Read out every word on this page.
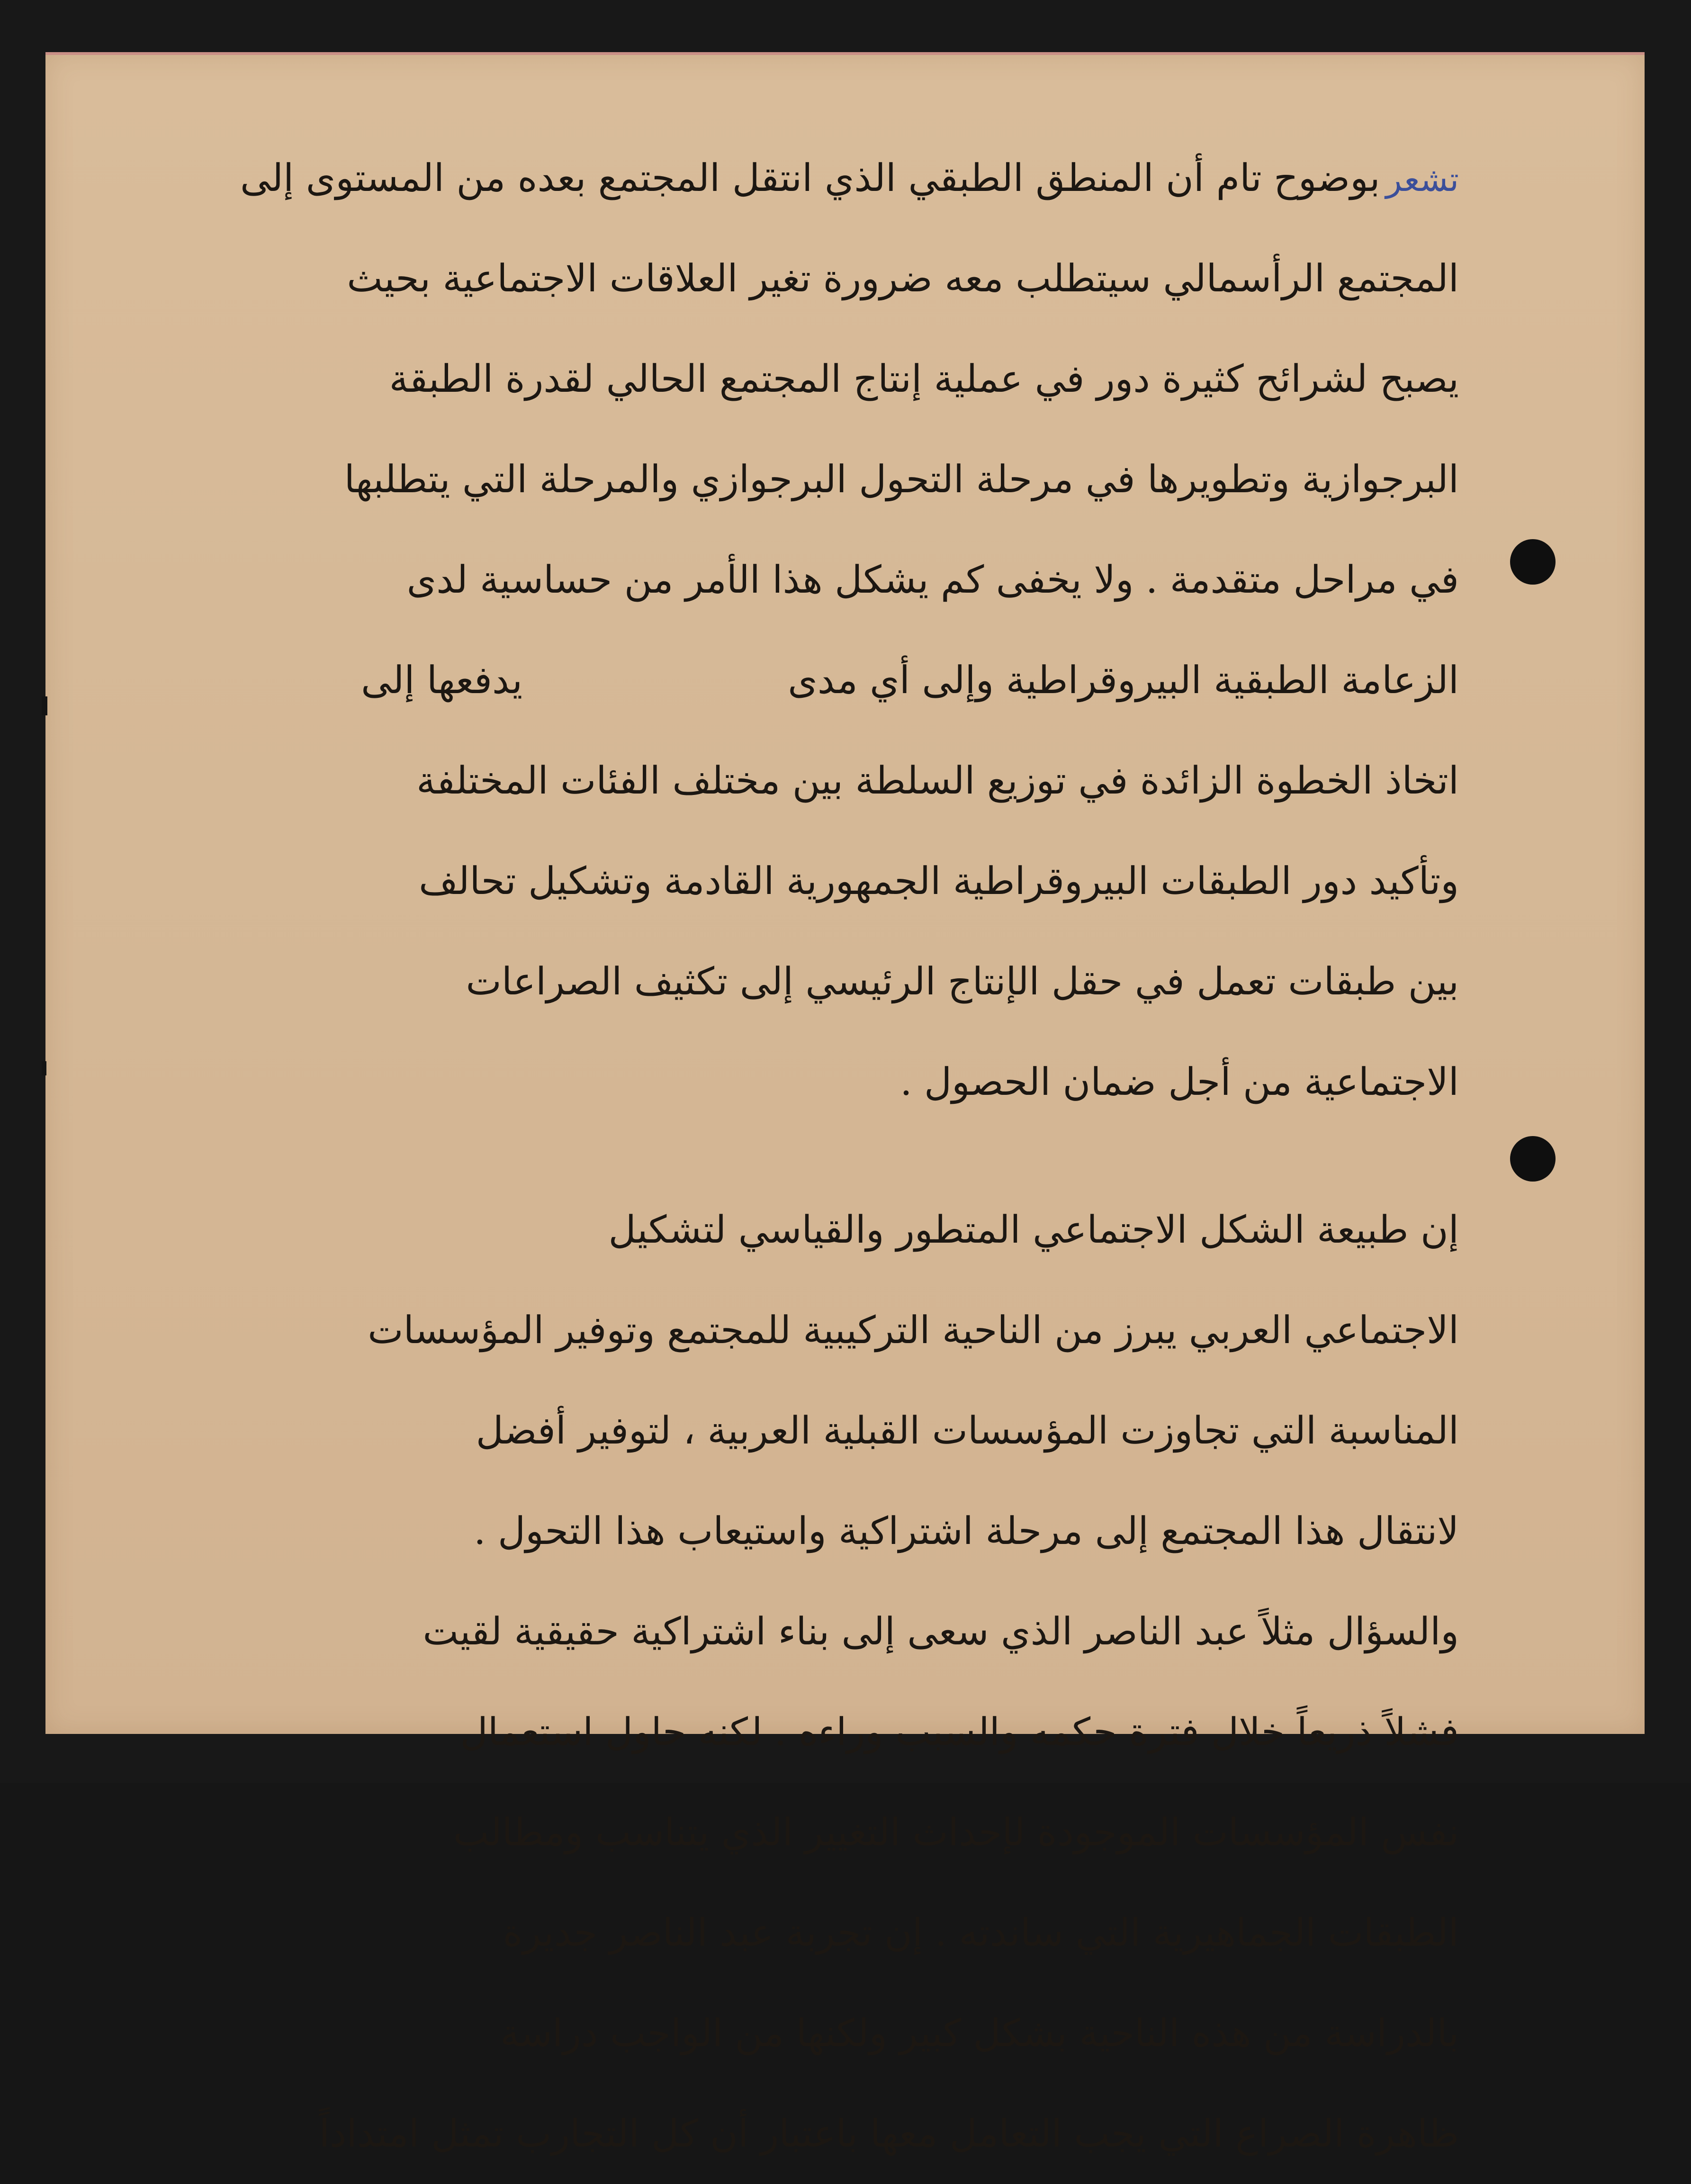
تشعربوضوح تام أن المنطق الطبقي الذي انتقل المجتمع بعده من المستوى إلى
المجتمع الرأسمالي سيتطلب معه ضرورة تغير العلاقات الاجتماعية بحيث
يصبح لشرائح كثيرة دور في عملية إنتاج المجتمع الحالي لقدرة الطبقة
البرجوازية وتطويرها في مرحلة التحول البرجوازي والمرحلة التي يتطلبها
في مراحل متقدمة . ولا يخفى كم يشكل هذا الأمر من حساسية لدى
الزعامة الطبقية البيروقراطية وإلى أي مدىيدفعها إلى
اتخاذ الخطوة الزائدة في توزيع السلطة بين مختلف الفئات المختلفة
وتأكيد دور الطبقات البيروقراطية الجمهورية القادمة وتشكيل تحالف
بين طبقات تعمل في حقل الإنتاج الرئيسي إلى تكثيف الصراعات
الاجتماعية من أجل ضمان الحصول .
إن طبيعة الشكل الاجتماعي المتطور والقياسي لتشكيل
الاجتماعي العربي يبرز من الناحية التركيبية للمجتمع وتوفير المؤسسات
المناسبة التي تجاوزت المؤسسات القبلية العربية ، لتوفير أفضل
لانتقال هذا المجتمع إلى مرحلة اشتراكية واستيعاب هذا التحول .
والسؤال مثلاً عبد الناصر الذي سعى إلى بناء اشتراكية حقيقية لقيت
فشلاً ذريعاً خلال فترة حكمه والسبب وراءه . لكنه حاول استعمال
نفس المؤسسات الموجودة لإحداث التغيير الذي يتناسب ومطالب
الطبقات الجماهيرية التي ساندته . إن تجربة عبد الناصر جديرة
بالدراسة من هذه الناحية بشكل كبير ولكنها من الواجب دراسة
ظاهرة الصراع التي يجب التعامل معها باعتبار أن كل التجارب تمثل امتداداً
